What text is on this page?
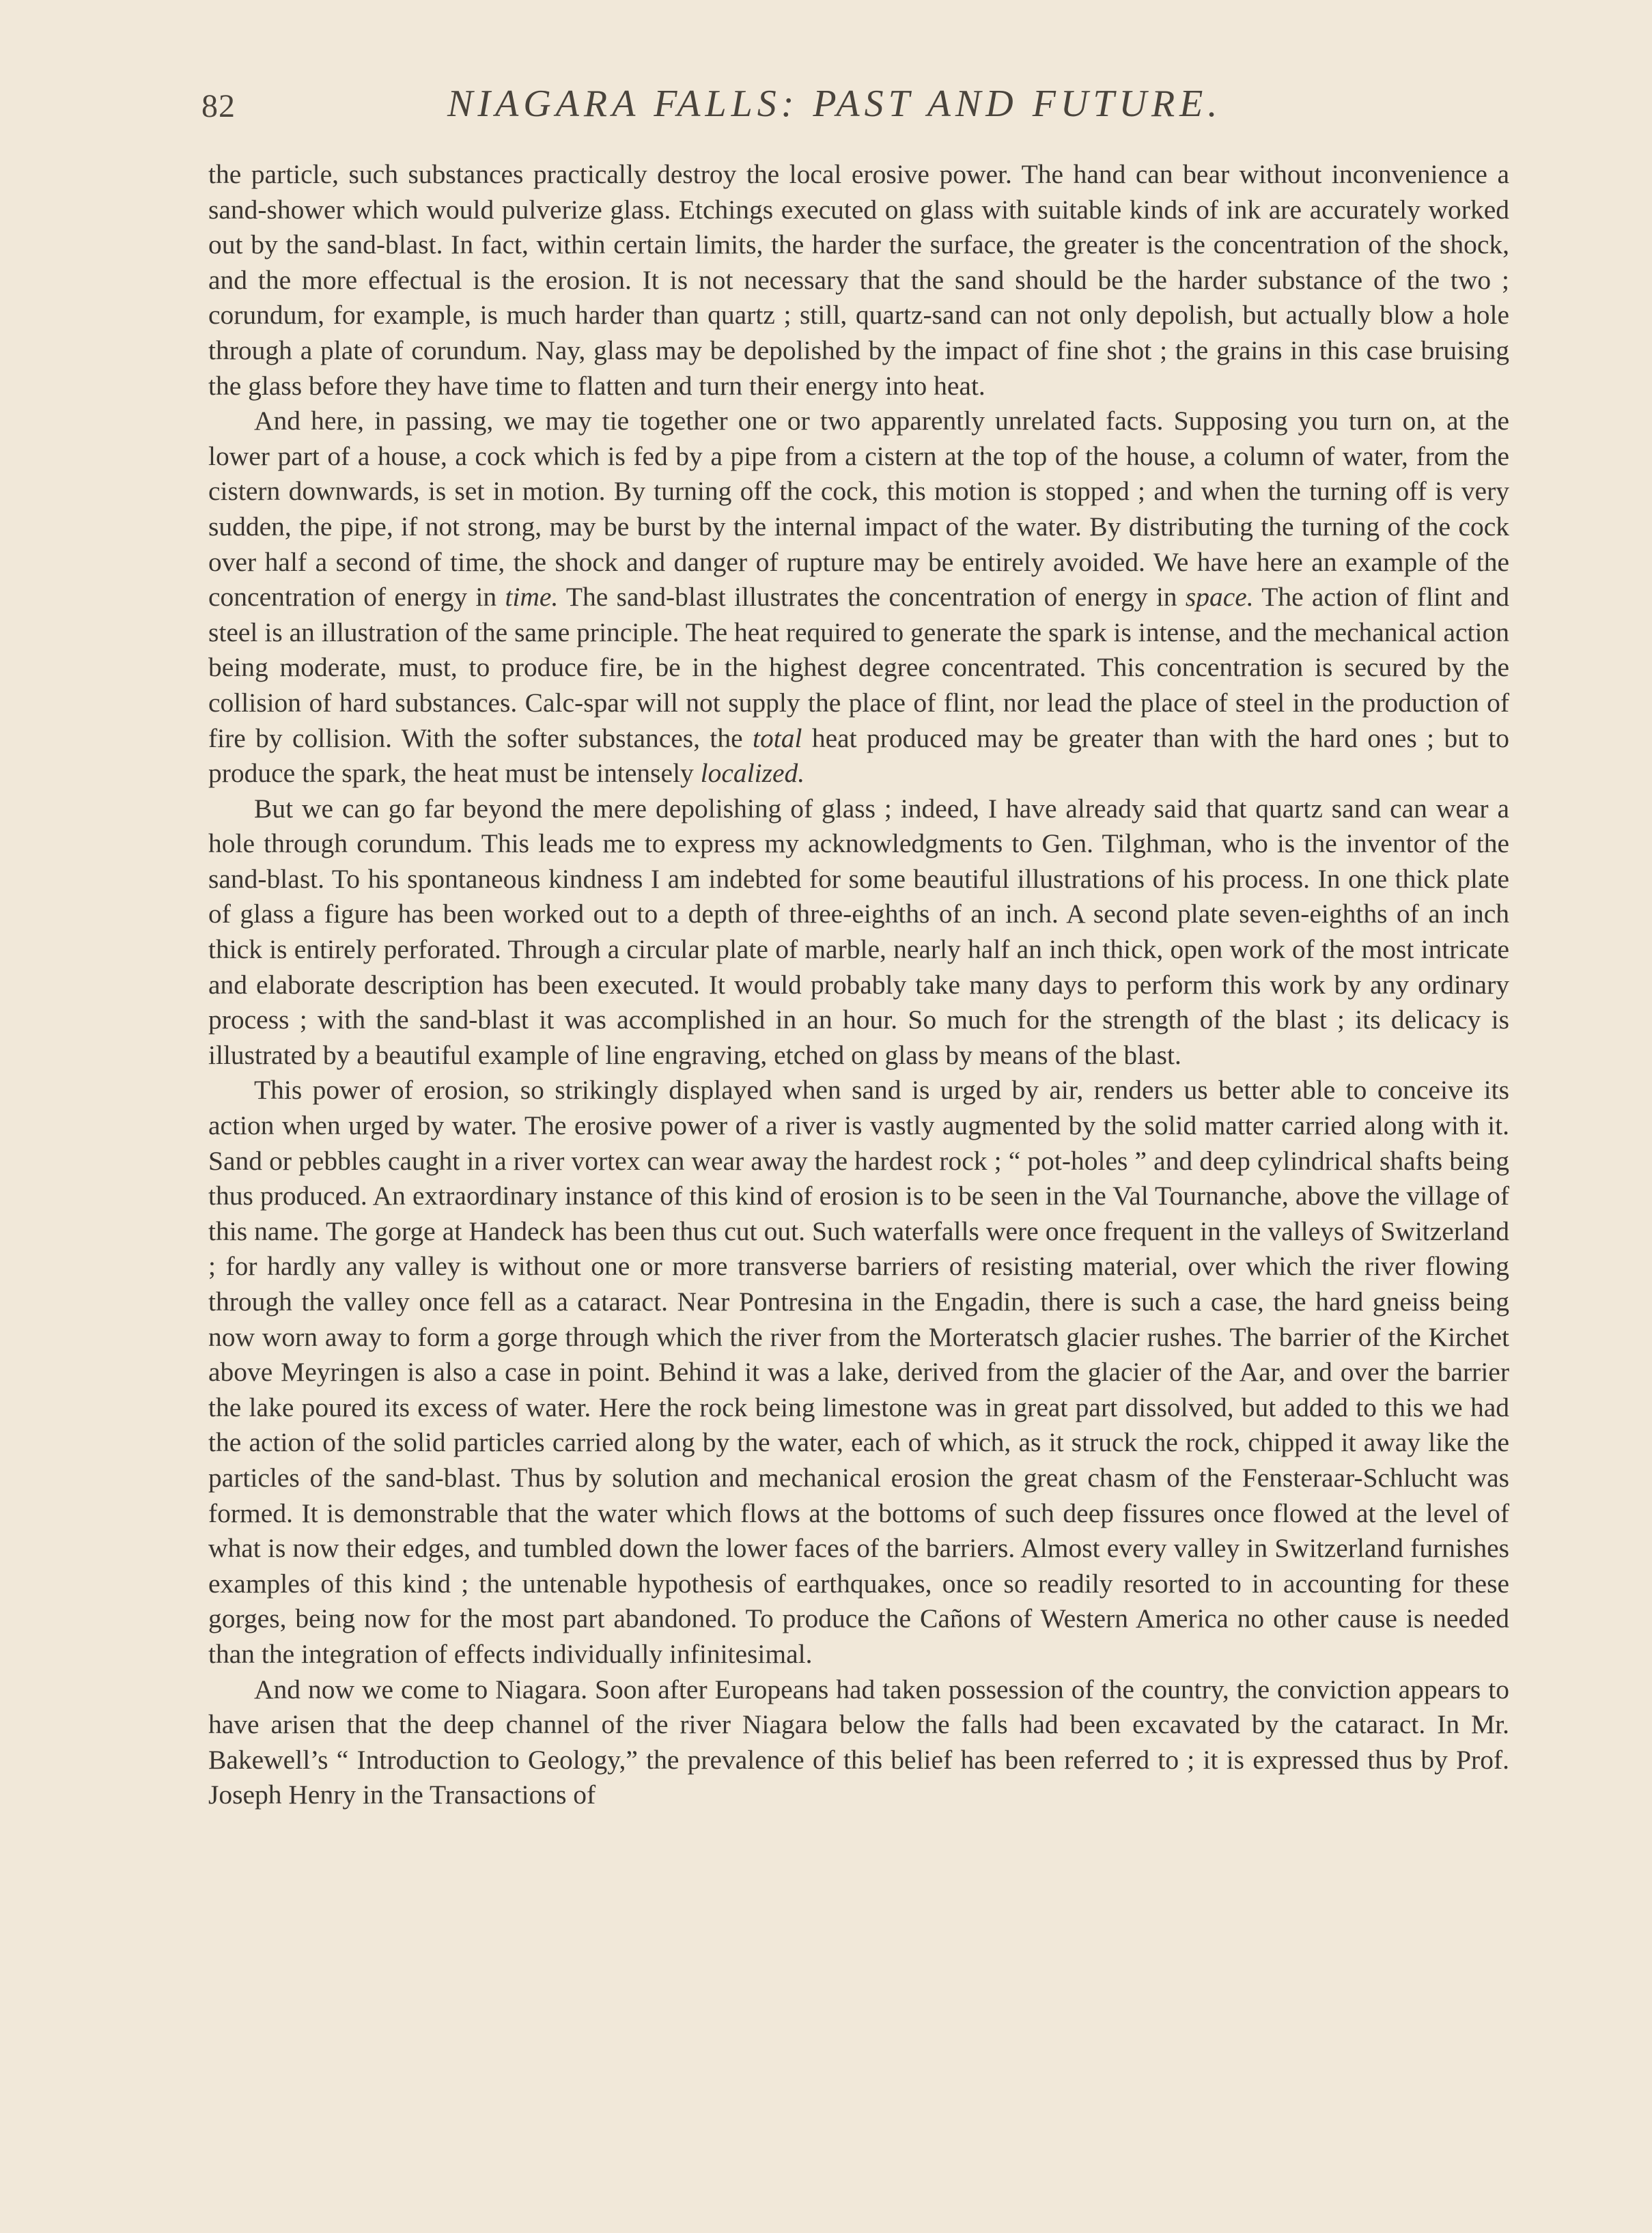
82	NIAGARA FALLS: PAST AND FUTURE.

the particle, such substances practically destroy the local erosive power. The hand can bear without inconvenience a sand-shower which would pulverize glass. Etchings executed on glass with suitable kinds of ink are accurately worked out by the sand-blast. In fact, within certain limits, the harder the surface, the greater is the concentration of the shock, and the more effectual is the erosion. It is not necessary that the sand should be the harder substance of the two ; corundum, for example, is much harder than quartz ; still, quartz-sand can not only depolish, but actually blow a hole through a plate of corundum. Nay, glass may be depolished by the impact of fine shot ; the grains in this case bruising the glass before they have time to flatten and turn their energy into heat.

And here, in passing, we may tie together one or two apparently unrelated facts. Supposing you turn on, at the lower part of a house, a cock which is fed by a pipe from a cistern at the top of the house, a column of water, from the cistern downwards, is set in motion. By turning off the cock, this motion is stopped ; and when the turning off is very sudden, the pipe, if not strong, may be burst by the internal impact of the water. By distributing the turning of the cock over half a second of time, the shock and danger of rupture may be entirely avoided. We have here an example of the concentration of energy in time. The sand-blast illustrates the concentration of energy in space. The action of flint and steel is an illustration of the same principle. The heat required to generate the spark is intense, and the mechanical action being moderate, must, to produce fire, be in the highest degree concentrated. This concentration is secured by the collision of hard substances. Calc-spar will not supply the place of flint, nor lead the place of steel in the production of fire by collision. With the softer substances, the total heat produced may be greater than with the hard ones ; but to produce the spark, the heat must be intensely localized.

But we can go far beyond the mere depolishing of glass ; indeed, I have already said that quartz sand can wear a hole through corundum. This leads me to express my acknowledgments to Gen. Tilghman, who is the inventor of the sand-blast. To his spontaneous kindness I am indebted for some beautiful illustrations of his process. In one thick plate of glass a figure has been worked out to a depth of three-eighths of an inch. A second plate seven-eighths of an inch thick is entirely perforated. Through a circular plate of marble, nearly half an inch thick, open work of the most intricate and elaborate description has been executed. It would probably take many days to perform this work by any ordinary process ; with the sand-blast it was accomplished in an hour. So much for the strength of the blast ; its delicacy is illustrated by a beautiful example of line engraving, etched on glass by means of the blast.

This power of erosion, so strikingly displayed when sand is urged by air, renders us better able to conceive its action when urged by water. The erosive power of a river is vastly augmented by the solid matter carried along with it. Sand or pebbles caught in a river vortex can wear away the hardest rock ; “ pot-holes ” and deep cylindrical shafts being thus produced. An extraordinary instance of this kind of erosion is to be seen in the Val Tournanche, above the village of this name. The gorge at Handeck has been thus cut out. Such waterfalls were once frequent in the valleys of Switzerland ; for hardly any valley is without one or more transverse barriers of resisting material, over which the river flowing through the valley once fell as a cataract. Near Pontresina in the Engadin, there is such a case, the hard gneiss being now worn away to form a gorge through which the river from the Morteratsch glacier rushes. The barrier of the Kirchet above Meyringen is also a case in point. Behind it was a lake, derived from the glacier of the Aar, and over the barrier the lake poured its excess of water. Here the rock being limestone was in great part dissolved, but added to this we had the action of the solid particles carried along by the water, each of which, as it struck the rock, chipped it away like the particles of the sand-blast. Thus by solution and mechanical erosion the great chasm of the Fensteraar-Schlucht was formed. It is demonstrable that the water which flows at the bottoms of such deep fissures once flowed at the level of what is now their edges, and tumbled down the lower faces of the barriers. Almost every valley in Switzerland furnishes examples of this kind ; the untenable hypothesis of earthquakes, once so readily resorted to in accounting for these gorges, being now for the most part abandoned. To produce the Cañons of Western America no other cause is needed than the integration of effects individually infinitesimal.

And now we come to Niagara. Soon after Europeans had taken possession of the country, the conviction appears to have arisen that the deep channel of the river Niagara below the falls had been excavated by the cataract. In Mr. Bakewell’s “ Introduction to Geology,” the prevalence of this belief has been referred to ; it is expressed thus by Prof. Joseph Henry in the Transactions of
